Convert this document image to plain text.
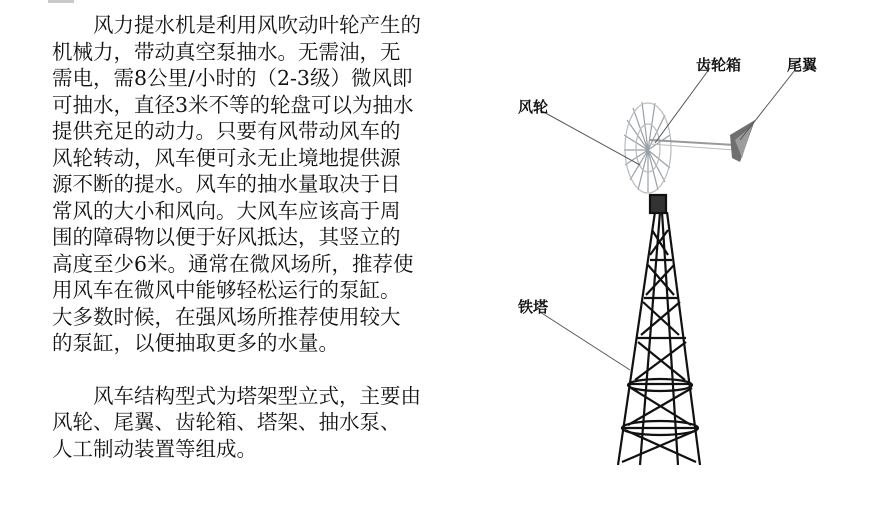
风力提水机是利用风吹动叶轮产生的
机械力，带动真空泵抽水。无需油，无
需电，需8公里/小时的（2-3级）微风即
可抽水，直径3米不等的轮盘可以为抽水
提供充足的动力。只要有风带动风车的
风轮转动，风车便可永无止境地提供源
源不断的提水。风车的抽水量取决于日
常风的大小和风向。大风车应该高于周
围的障碍物以便于好风抵达，其竖立的
高度至少6米。通常在微风场所，推荐使
用风车在微风中能够轻松运行的泵缸。
大多数时候，在强风场所推荐使用较大
的泵缸，以便抽取更多的水量。
风车结构型式为塔架型立式，主要由
风轮、尾翼、齿轮箱、塔架、抽水泵、
人工制动装置等组成。
齿轮箱	尾翼
风轮
铁塔
